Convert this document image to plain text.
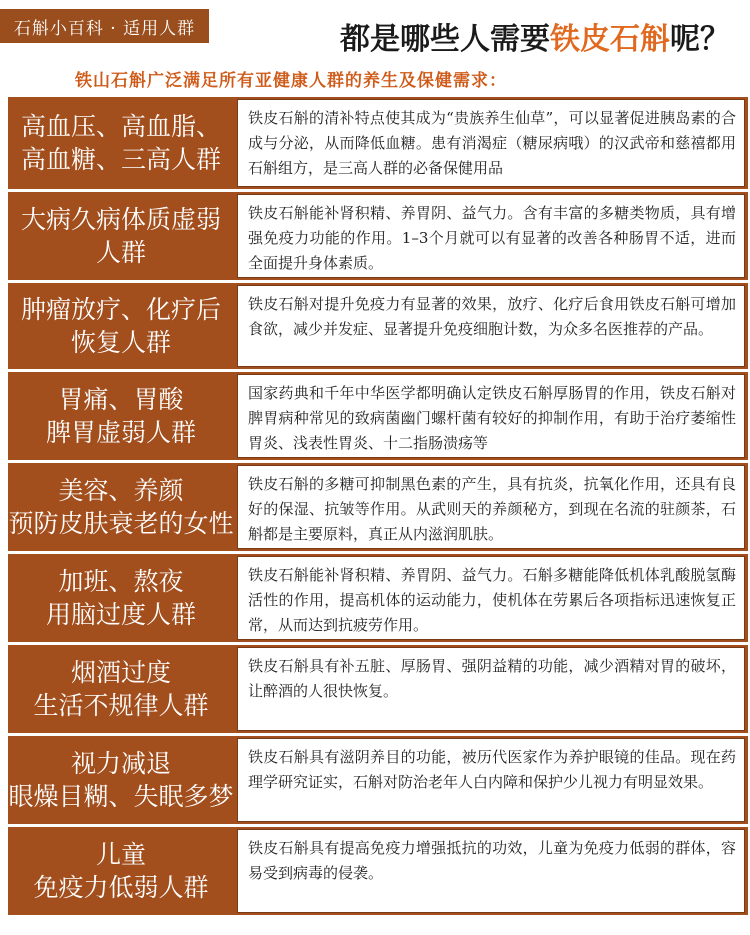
石斛小百科 · 适用人群	都是哪些人需要铁皮石斛呢？
铁山石斛广泛满足所有亚健康人群的养生及保健需求：
高血压、高血脂、
高血糖、三高人群
铁皮石斛的清补特点使其成为“贵族养生仙草”，可以显著促进胰岛素的合成与分泌，从而降低血糖。患有消渴症（糖尿病哦）的汉武帝和慈禧都用石斛组方，是三高人群的必备保健用品
大病久病体质虚弱
人群
铁皮石斛能补肾积精、养胃阴、益气力。含有丰富的多糖类物质，具有增强免疫力功能的作用。1–3个月就可以有显著的改善各种肠胃不适，进而全面提升身体素质。
肿瘤放疗、化疗后
恢复人群
铁皮石斛对提升免疫力有显著的效果，放疗、化疗后食用铁皮石斛可增加食欲，减少并发症、显著提升免疫细胞计数，为众多名医推荐的产品。
胃痛、胃酸
脾胃虚弱人群
国家药典和千年中华医学都明确认定铁皮石斛厚肠胃的作用，铁皮石斛对脾胃病种常见的致病菌幽门螺杆菌有较好的抑制作用，有助于治疗萎缩性胃炎、浅表性胃炎、十二指肠溃疡等
美容、养颜
预防皮肤衰老的女性
铁皮石斛的多糖可抑制黑色素的产生，具有抗炎，抗氧化作用，还具有良好的保湿、抗皱等作用。从武则天的养颜秘方，到现在名流的驻颜茶，石斛都是主要原料，真正从内滋润肌肤。
加班、熬夜
用脑过度人群
铁皮石斛能补肾积精、养胃阴、益气力。石斛多糖能降低机体乳酸脱氢酶活性的作用，提高机体的运动能力，使机体在劳累后各项指标迅速恢复正常，从而达到抗疲劳作用。
烟酒过度
生活不规律人群
铁皮石斛具有补五脏、厚肠胃、强阴益精的功能，减少酒精对胃的破坏，让醉酒的人很快恢复。
视力减退
眼燥目糊、失眠多梦
铁皮石斛具有滋阴养目的功能，被历代医家作为养护眼镜的佳品。现在药理学研究证实，石斛对防治老年人白内障和保护少儿视力有明显效果。
儿童
免疫力低弱人群
铁皮石斛具有提高免疫力增强抵抗的功效，儿童为免疫力低弱的群体，容易受到病毒的侵袭。
